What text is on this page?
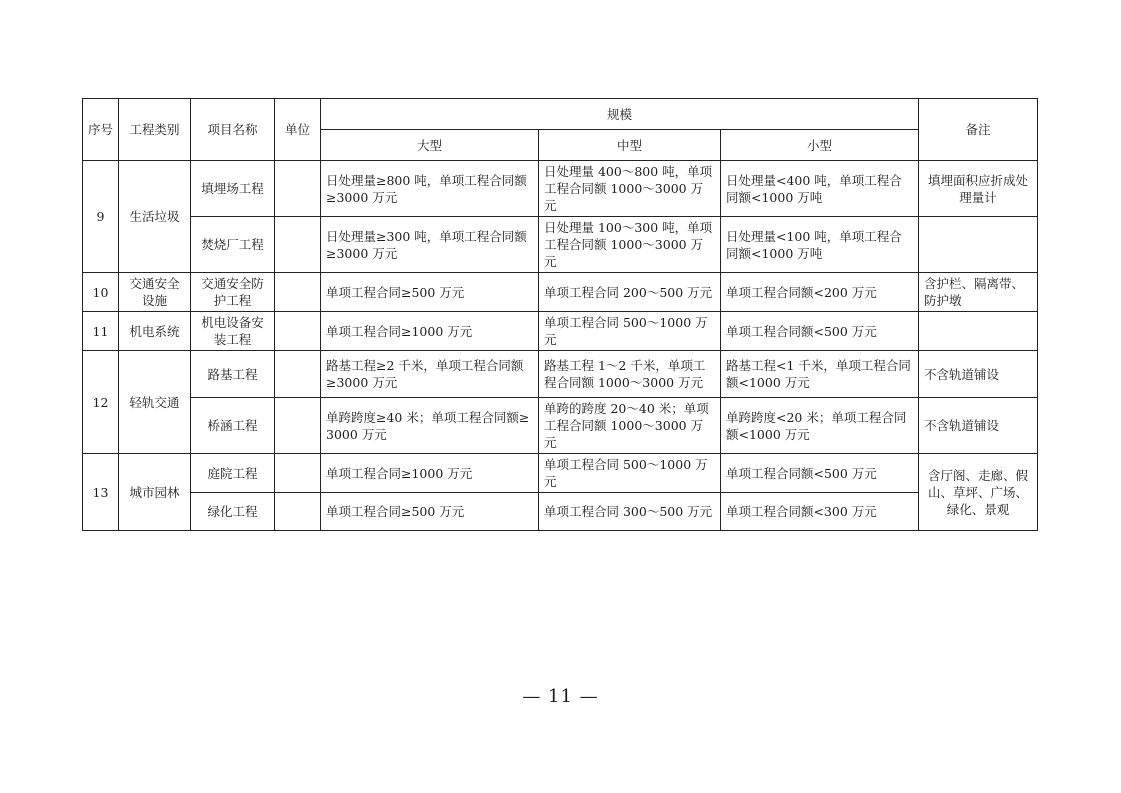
序号	工程类别	项目名称	单位	规模			备注
				大型	中型	小型	
9	生活垃圾	填埋场工程		日处理量≥800 吨，单项工程合同额≥3000 万元	日处理量 400～800 吨，单项工程合同额 1000～3000 万元	日处理量<400 吨，单项工程合同额<1000 万吨	填埋面积应折成处理量计
		焚烧厂工程		日处理量≥300 吨，单项工程合同额≥3000 万元	日处理量 100～300 吨，单项工程合同额 1000～3000 万元	日处理量<100 吨，单项工程合同额<1000 万吨	
10	交通安全设施	交通安全防护工程		单项工程合同≥500 万元	单项工程合同 200～500 万元	单项工程合同额<200 万元	含护栏、隔离带、防护墩
11	机电系统	机电设备安装工程		单项工程合同≥1000 万元	单项工程合同 500～1000 万元	单项工程合同额<500 万元	
12	轻轨交通	路基工程		路基工程≥2 千米，单项工程合同额≥3000 万元	路基工程 1～2 千米，单项工程合同额 1000～3000 万元	路基工程<1 千米，单项工程合同额<1000 万元	不含轨道铺设
		桥涵工程		单跨跨度≥40 米；单项工程合同额≥3000 万元	单跨的跨度 20～40 米；单项工程合同额 1000～3000 万元	单跨跨度<20 米；单项工程合同额<1000 万元	不含轨道铺设
13	城市园林	庭院工程		单项工程合同≥1000 万元	单项工程合同 500～1000 万元	单项工程合同额<500 万元	含厅阁、走廊、假山、草坪、广场、绿化、景观
		绿化工程		单项工程合同≥500 万元	单项工程合同 300～500 万元	单项工程合同额<300 万元	
— 11 —
